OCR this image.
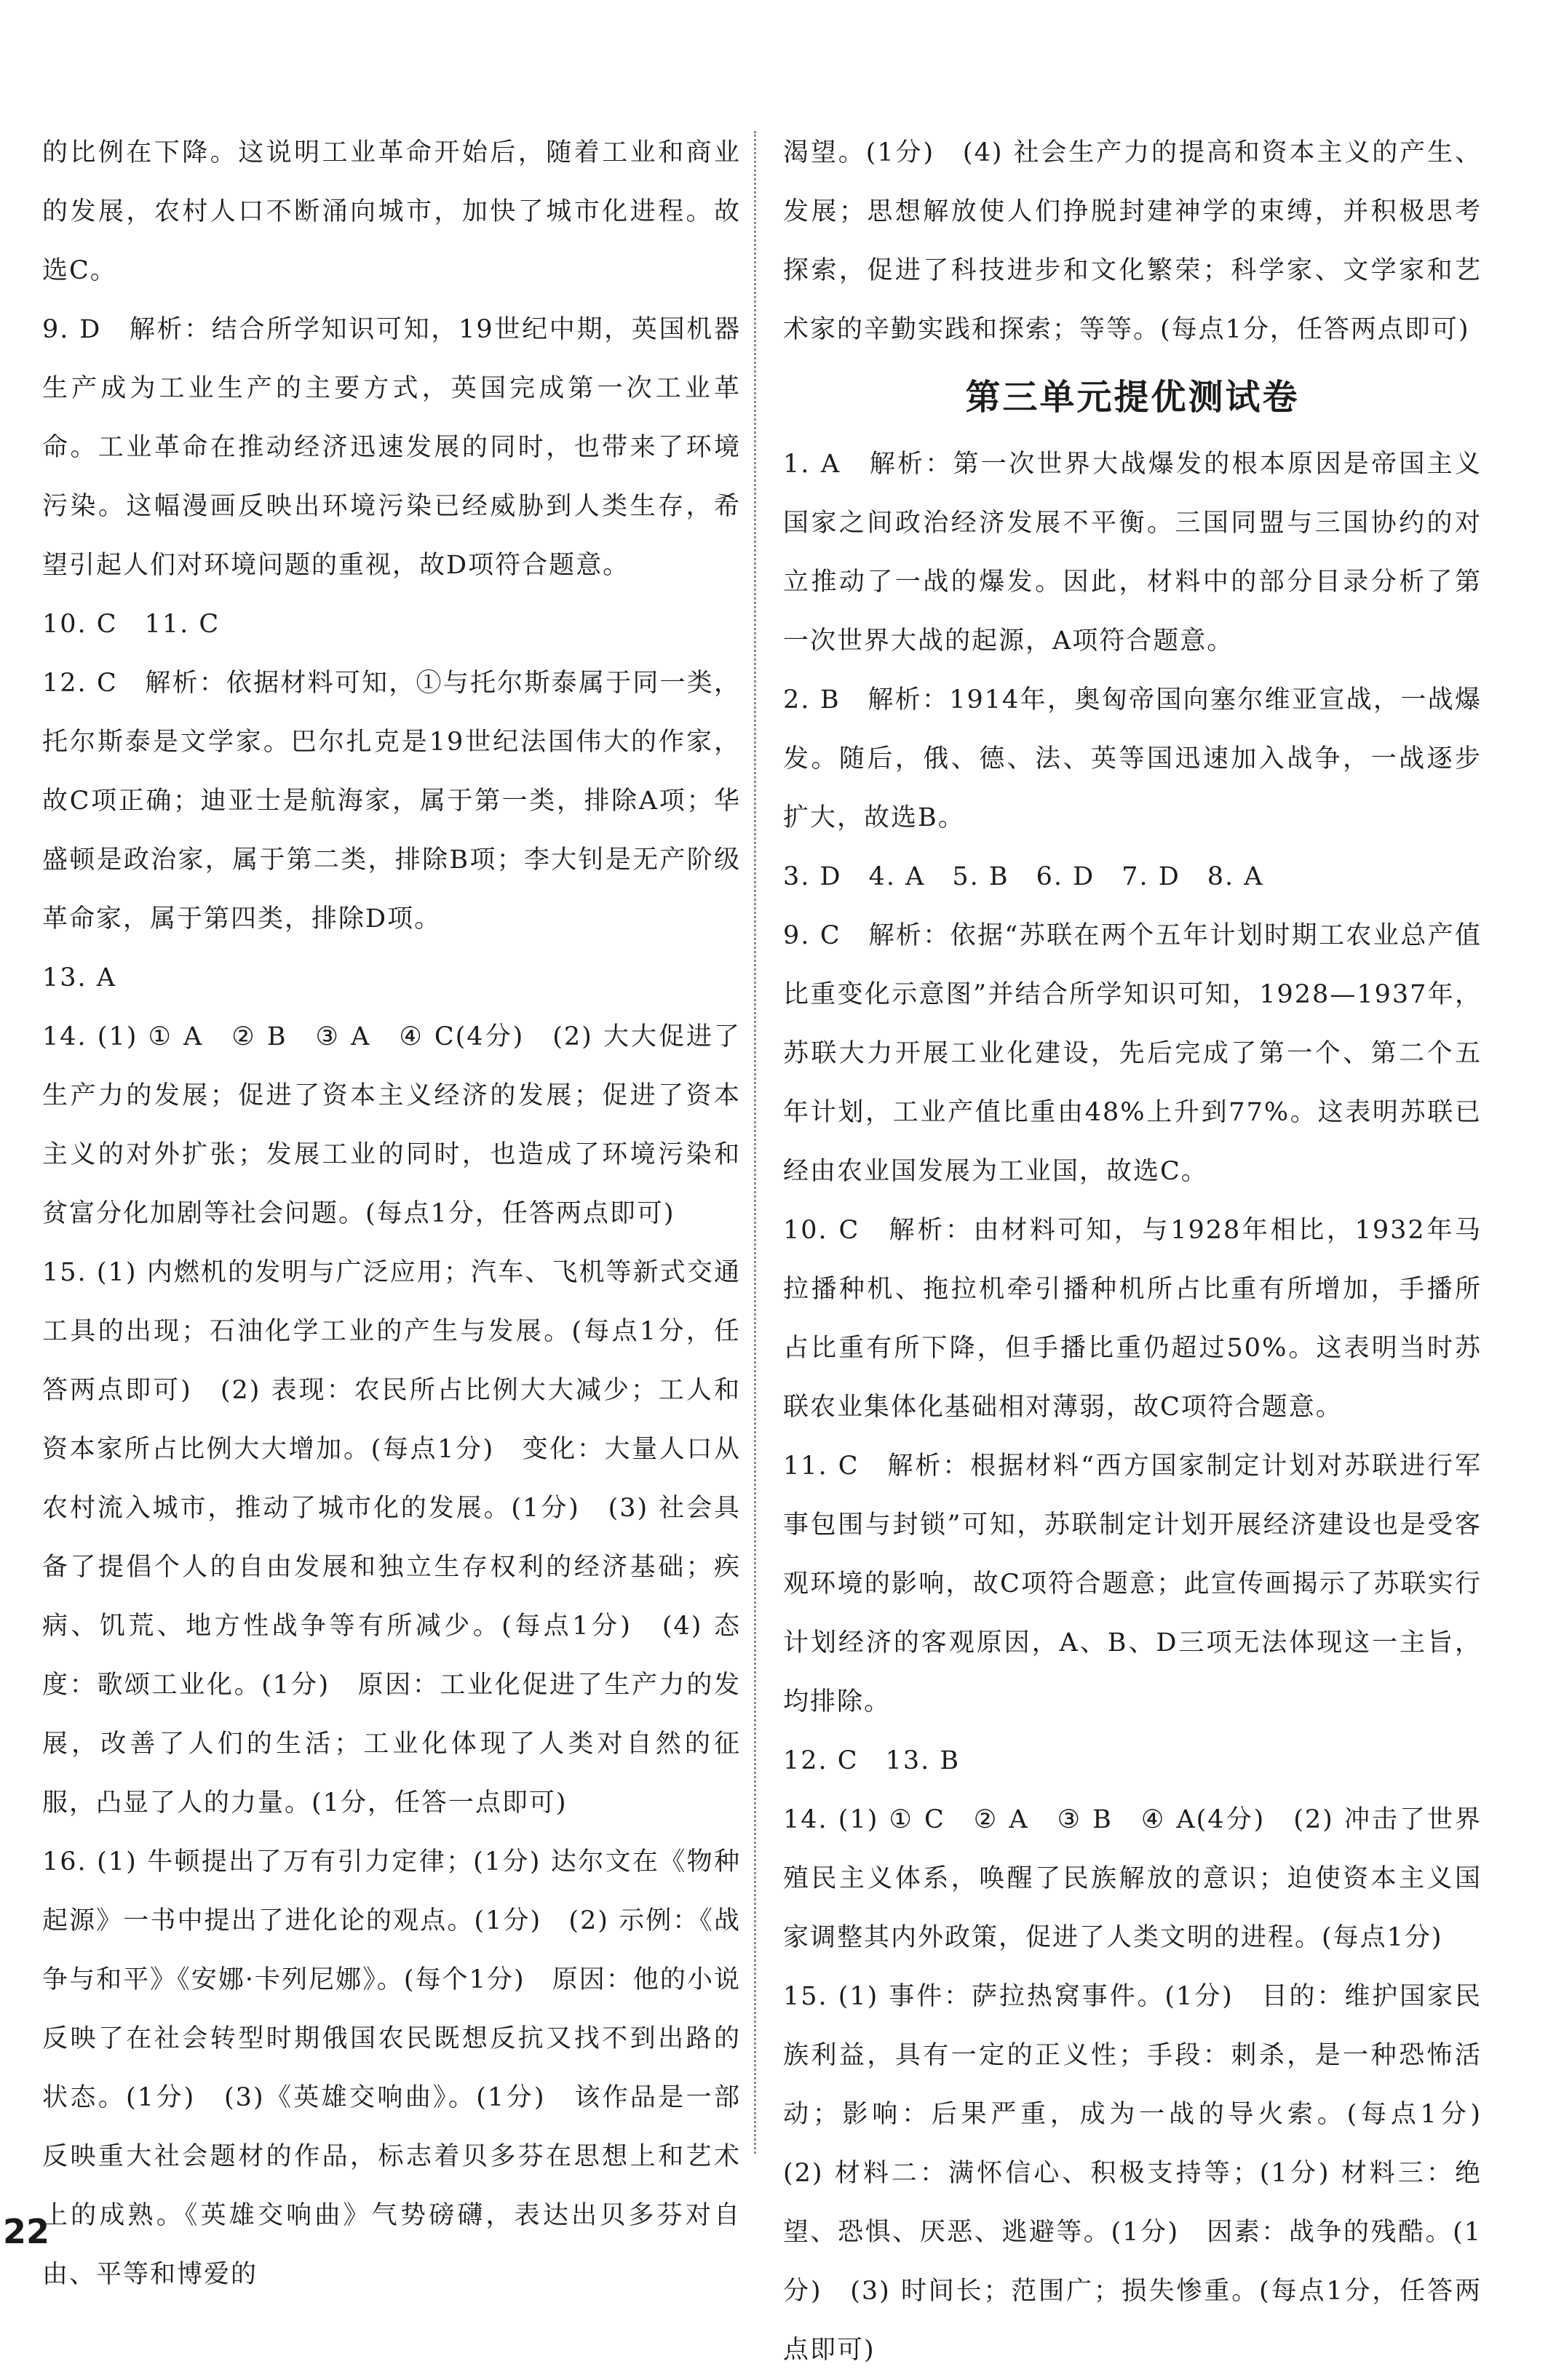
的比例在下降。这说明工业革命开始后，随着工业和商业的发展，农村人口不断涌向城市，加快了城市化进程。故选C。

9. D　解析：结合所学知识可知，19世纪中期，英国机器生产成为工业生产的主要方式，英国完成第一次工业革命。工业革命在推动经济迅速发展的同时，也带来了环境污染。这幅漫画反映出环境污染已经威胁到人类生存，希望引起人们对环境问题的重视，故D项符合题意。

10. C　11. C

12. C　解析：依据材料可知，①与托尔斯泰属于同一类，托尔斯泰是文学家。巴尔扎克是19世纪法国伟大的作家，故C项正确；迪亚士是航海家，属于第一类，排除A项；华盛顿是政治家，属于第二类，排除B项；李大钊是无产阶级革命家，属于第四类，排除D项。

13. A

14. (1) ① A　② B　③ A　④ C(4分)　(2) 大大促进了生产力的发展；促进了资本主义经济的发展；促进了资本主义的对外扩张；发展工业的同时，也造成了环境污染和贫富分化加剧等社会问题。(每点1分，任答两点即可)

15. (1) 内燃机的发明与广泛应用；汽车、飞机等新式交通工具的出现；石油化学工业的产生与发展。(每点1分，任答两点即可)　(2) 表现：农民所占比例大大减少；工人和资本家所占比例大大增加。(每点1分)　变化：大量人口从农村流入城市，推动了城市化的发展。(1分)　(3) 社会具备了提倡个人的自由发展和独立生存权利的经济基础；疾病、饥荒、地方性战争等有所减少。(每点1分)　(4) 态度：歌颂工业化。(1分)　原因：工业化促进了生产力的发展，改善了人们的生活；工业化体现了人类对自然的征服，凸显了人的力量。(1分，任答一点即可)

16. (1) 牛顿提出了万有引力定律；(1分) 达尔文在《物种起源》一书中提出了进化论的观点。(1分)　(2) 示例：《战争与和平》《安娜·卡列尼娜》。(每个1分)　原因：他的小说反映了在社会转型时期俄国农民既想反抗又找不到出路的状态。(1分)　(3)《英雄交响曲》。(1分)　该作品是一部反映重大社会题材的作品，标志着贝多芬在思想上和艺术上的成熟。《英雄交响曲》气势磅礴，表达出贝多芬对自由、平等和博爱的

渴望。(1分)　(4) 社会生产力的提高和资本主义的产生、发展；思想解放使人们挣脱封建神学的束缚，并积极思考探索，促进了科技进步和文化繁荣；科学家、文学家和艺术家的辛勤实践和探索；等等。(每点1分，任答两点即可)

第三单元提优测试卷

1. A　解析：第一次世界大战爆发的根本原因是帝国主义国家之间政治经济发展不平衡。三国同盟与三国协约的对立推动了一战的爆发。因此，材料中的部分目录分析了第一次世界大战的起源，A项符合题意。

2. B　解析：1914年，奥匈帝国向塞尔维亚宣战，一战爆发。随后，俄、德、法、英等国迅速加入战争，一战逐步扩大，故选B。

3. D　4. A　5. B　6. D　7. D　8. A

9. C　解析：依据“苏联在两个五年计划时期工农业总产值比重变化示意图”并结合所学知识可知，1928—1937年，苏联大力开展工业化建设，先后完成了第一个、第二个五年计划，工业产值比重由48%上升到77%。这表明苏联已经由农业国发展为工业国，故选C。

10. C　解析：由材料可知，与1928年相比，1932年马拉播种机、拖拉机牵引播种机所占比重有所增加，手播所占比重有所下降，但手播比重仍超过50%。这表明当时苏联农业集体化基础相对薄弱，故C项符合题意。

11. C　解析：根据材料“西方国家制定计划对苏联进行军事包围与封锁”可知，苏联制定计划开展经济建设也是受客观环境的影响，故C项符合题意；此宣传画揭示了苏联实行计划经济的客观原因，A、B、D三项无法体现这一主旨，均排除。

12. C　13. B

14. (1) ① C　② A　③ B　④ A(4分)　(2) 冲击了世界殖民主义体系，唤醒了民族解放的意识；迫使资本主义国家调整其内外政策，促进了人类文明的进程。(每点1分)

15. (1) 事件：萨拉热窝事件。(1分)　目的：维护国家民族利益，具有一定的正义性；手段：刺杀，是一种恐怖活动；影响：后果严重，成为一战的导火索。(每点1分)　(2) 材料二：满怀信心、积极支持等；(1分) 材料三：绝望、恐惧、厌恶、逃避等。(1分)　因素：战争的残酷。(1分)　(3) 时间长；范围广；损失惨重。(每点1分，任答两点即可)

22
